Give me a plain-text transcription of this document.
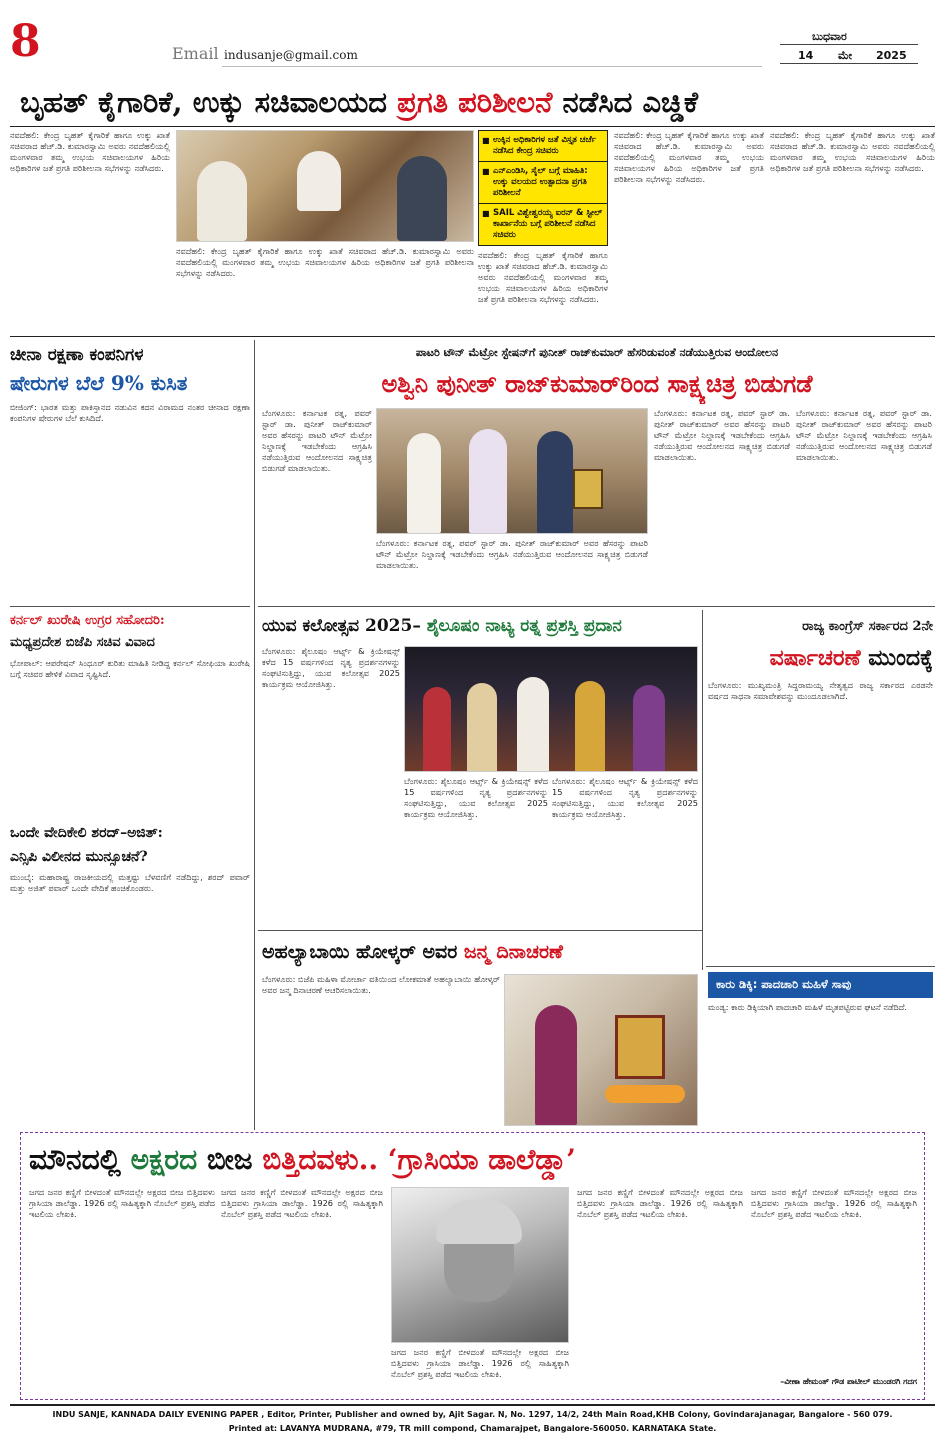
8	Email indusanje@gmail.com
ಬುಧವಾರ
14 ಮೇ 2025
ಬೃಹತ್ ಕೈಗಾರಿಕೆ, ಉಕ್ಕು ಸಚಿವಾಲಯದ ಪ್ರಗತಿ ಪರಿಶೀಲನೆ ನಡೆಸಿದ ಎಚ್ಡಿಕೆ
ನವದೆಹಲಿ: ಕೇಂದ್ರ ಬೃಹತ್ ಕೈಗಾರಿಕೆ ಹಾಗೂ ಉಕ್ಕು ಖಾತೆ ಸಚಿವರಾದ ಹೆಚ್.ಡಿ. ಕುಮಾರಸ್ವಾಮಿ ಅವರು ನವದೆಹಲಿಯಲ್ಲಿ ಮಂಗಳವಾರ ತಮ್ಮ ಉಭಯ ಸಚಿವಾಲಯಗಳ ಹಿರಿಯ ಅಧಿಕಾರಿಗಳ ಜತೆ ಪ್ರಗತಿ ಪರಿಶೀಲನಾ ಸಭೆಗಳನ್ನು ನಡೆಸಿದರು.
ನವದೆಹಲಿ: ಕೇಂದ್ರ ಬೃಹತ್ ಕೈಗಾರಿಕೆ ಹಾಗೂ ಉಕ್ಕು ಖಾತೆ ಸಚಿವರಾದ ಹೆಚ್.ಡಿ. ಕುಮಾರಸ್ವಾಮಿ ಅವರು ನವದೆಹಲಿಯಲ್ಲಿ ಮಂಗಳವಾರ ತಮ್ಮ ಉಭಯ ಸಚಿವಾಲಯಗಳ ಹಿರಿಯ ಅಧಿಕಾರಿಗಳ ಜತೆ ಪ್ರಗತಿ ಪರಿಶೀಲನಾ ಸಭೆಗಳನ್ನು ನಡೆಸಿದರು.
■ ಉಕ್ಕಿನ ಅಧಿಕಾರಿಗಳ ಜತೆ ವಿಸ್ತೃತ ಚರ್ಚೆ ನಡೆಸಿದ ಕೇಂದ್ರ ಸಚಿವರು
■ ಎನ್ಎಂಡಿಸಿ, ಸೈಲ್ ಬಗ್ಗೆ ಮಾಹಿತಿ: ಉಕ್ಕು ವಲಯದ ಉತ್ಪಾದನಾ ಪ್ರಗತಿ ಪರಿಶೀಲನೆ
■ SAIL ವಿಶ್ವೇಶ್ವರಯ್ಯ ಐರನ್ & ಸ್ಟೀಲ್ ಕಾರ್ಖಾನೆಯ ಬಗ್ಗೆ ಪರಿಶೀಲನೆ ನಡೆಸಿದ ಸಚಿವರು
ನವದೆಹಲಿ: ಕೇಂದ್ರ ಬೃಹತ್ ಕೈಗಾರಿಕೆ ಹಾಗೂ ಉಕ್ಕು ಖಾತೆ ಸಚಿವರಾದ ಹೆಚ್.ಡಿ. ಕುಮಾರಸ್ವಾಮಿ ಅವರು ನವದೆಹಲಿಯಲ್ಲಿ ಮಂಗಳವಾರ ತಮ್ಮ ಉಭಯ ಸಚಿವಾಲಯಗಳ ಹಿರಿಯ ಅಧಿಕಾರಿಗಳ ಜತೆ ಪ್ರಗತಿ ಪರಿಶೀಲನಾ ಸಭೆಗಳನ್ನು ನಡೆಸಿದರು.
ನವದೆಹಲಿ: ಕೇಂದ್ರ ಬೃಹತ್ ಕೈಗಾರಿಕೆ ಹಾಗೂ ಉಕ್ಕು ಖಾತೆ ಸಚಿವರಾದ ಹೆಚ್.ಡಿ. ಕುಮಾರಸ್ವಾಮಿ ಅವರು ನವದೆಹಲಿಯಲ್ಲಿ ಮಂಗಳವಾರ ತಮ್ಮ ಉಭಯ ಸಚಿವಾಲಯಗಳ ಹಿರಿಯ ಅಧಿಕಾರಿಗಳ ಜತೆ ಪ್ರಗತಿ ಪರಿಶೀಲನಾ ಸಭೆಗಳನ್ನು ನಡೆಸಿದರು.
ನವದೆಹಲಿ: ಕೇಂದ್ರ ಬೃಹತ್ ಕೈಗಾರಿಕೆ ಹಾಗೂ ಉಕ್ಕು ಖಾತೆ ಸಚಿವರಾದ ಹೆಚ್.ಡಿ. ಕುಮಾರಸ್ವಾಮಿ ಅವರು ನವದೆಹಲಿಯಲ್ಲಿ ಮಂಗಳವಾರ ತಮ್ಮ ಉಭಯ ಸಚಿವಾಲಯಗಳ ಹಿರಿಯ ಅಧಿಕಾರಿಗಳ ಜತೆ ಪ್ರಗತಿ ಪರಿಶೀಲನಾ ಸಭೆಗಳನ್ನು ನಡೆಸಿದರು.
ಚೀನಾ ರಕ್ಷಣಾ ಕಂಪನಿಗಳ
ಷೇರುಗಳ ಬೆಲೆ 9% ಕುಸಿತ
ಬೀಜಿಂಗ್: ಭಾರತ ಮತ್ತು ಪಾಕಿಸ್ತಾನದ ನಡುವಿನ ಕದನ ವಿರಾಮದ ನಂತರ ಚೀನಾದ ರಕ್ಷಣಾ ಕಂಪನಿಗಳ ಷೇರುಗಳ ಬೆಲೆ ಕುಸಿದಿದೆ.
ಕರ್ನಲ್ ಖುರೇಷಿ ಉಗ್ರರ ಸಹೋದರಿ:
ಮಧ್ಯಪ್ರದೇಶ ಬಿಜೆಪಿ ಸಚಿವ ವಿವಾದ
ಭೋಪಾಲ್: ಆಪರೇಷನ್ ಸಿಂಧೂರ್ ಕುರಿತು ಮಾಹಿತಿ ನೀಡಿದ್ದ ಕರ್ನಲ್ ಸೋಫಿಯಾ ಖುರೇಷಿ ಬಗ್ಗೆ ಸಚಿವರ ಹೇಳಿಕೆ ವಿವಾದ ಸೃಷ್ಟಿಸಿದೆ.
ಒಂದೇ ವೇದಿಕೇಲಿ ಶರದ್–ಅಜಿತ್:
ಎನ್ಸಿಪಿ ವಿಲೀನದ ಮುನ್ಸೂಚನೆ?
ಮುಂಬೈ: ಮಹಾರಾಷ್ಟ್ರ ರಾಜಕೀಯದಲ್ಲಿ ಮತ್ತಷ್ಟು ಬೆಳವಣಿಗೆ ನಡೆದಿದ್ದು, ಶರದ್ ಪವಾರ್ ಮತ್ತು ಅಜಿತ್ ಪವಾರ್ ಒಂದೇ ವೇದಿಕೆ ಹಂಚಿಕೊಂಡರು.
ಪಾಟರಿ ಟೌನ್ ಮೆಟ್ರೋ ಸ್ಟೇಷನ್‌ಗೆ ಪುನೀತ್ ರಾಜ್‌ಕುಮಾರ್ ಹೆಸರಿಡುವಂತೆ ನಡೆಯುತ್ತಿರುವ ಆಂದೋಲನ
ಅಶ್ವಿನಿ ಪುನೀತ್ ರಾಜ್‌ಕುಮಾರ್‌ರಿಂದ ಸಾಕ್ಷ್ಯಚಿತ್ರ ಬಿಡುಗಡೆ
ಬೆಂಗಳೂರು: ಕರ್ನಾಟಕ ರತ್ನ, ಪವರ್ ಸ್ಟಾರ್ ಡಾ. ಪುನೀತ್ ರಾಜ್‌ಕುಮಾರ್ ಅವರ ಹೆಸರನ್ನು ಪಾಟರಿ ಟೌನ್ ಮೆಟ್ರೋ ನಿಲ್ದಾಣಕ್ಕೆ ಇಡಬೇಕೆಂದು ಆಗ್ರಹಿಸಿ ನಡೆಯುತ್ತಿರುವ ಆಂದೋಲನದ ಸಾಕ್ಷ್ಯಚಿತ್ರ ಬಿಡುಗಡೆ ಮಾಡಲಾಯಿತು.
ಬೆಂಗಳೂರು: ಕರ್ನಾಟಕ ರತ್ನ, ಪವರ್ ಸ್ಟಾರ್ ಡಾ. ಪುನೀತ್ ರಾಜ್‌ಕುಮಾರ್ ಅವರ ಹೆಸರನ್ನು ಪಾಟರಿ ಟೌನ್ ಮೆಟ್ರೋ ನಿಲ್ದಾಣಕ್ಕೆ ಇಡಬೇಕೆಂದು ಆಗ್ರಹಿಸಿ ನಡೆಯುತ್ತಿರುವ ಆಂದೋಲನದ ಸಾಕ್ಷ್ಯಚಿತ್ರ ಬಿಡುಗಡೆ ಮಾಡಲಾಯಿತು.
ಬೆಂಗಳೂರು: ಕರ್ನಾಟಕ ರತ್ನ, ಪವರ್ ಸ್ಟಾರ್ ಡಾ. ಪುನೀತ್ ರಾಜ್‌ಕುಮಾರ್ ಅವರ ಹೆಸರನ್ನು ಪಾಟರಿ ಟೌನ್ ಮೆಟ್ರೋ ನಿಲ್ದಾಣಕ್ಕೆ ಇಡಬೇಕೆಂದು ಆಗ್ರಹಿಸಿ ನಡೆಯುತ್ತಿರುವ ಆಂದೋಲನದ ಸಾಕ್ಷ್ಯಚಿತ್ರ ಬಿಡುಗಡೆ ಮಾಡಲಾಯಿತು.
ಬೆಂಗಳೂರು: ಕರ್ನಾಟಕ ರತ್ನ, ಪವರ್ ಸ್ಟಾರ್ ಡಾ. ಪುನೀತ್ ರಾಜ್‌ಕುಮಾರ್ ಅವರ ಹೆಸರನ್ನು ಪಾಟರಿ ಟೌನ್ ಮೆಟ್ರೋ ನಿಲ್ದಾಣಕ್ಕೆ ಇಡಬೇಕೆಂದು ಆಗ್ರಹಿಸಿ ನಡೆಯುತ್ತಿರುವ ಆಂದೋಲನದ ಸಾಕ್ಷ್ಯಚಿತ್ರ ಬಿಡುಗಡೆ ಮಾಡಲಾಯಿತು.
ಯುವ ಕಲೋತ್ಸವ 2025– ಶೈಲೂಷಂ ನಾಟ್ಯ ರತ್ನ ಪ್ರಶಸ್ತಿ ಪ್ರದಾನ
ಬೆಂಗಳೂರು: ಶೈಲೂಷಂ ಆರ್ಟ್ಸ್ & ಕ್ರಿಯೇಷನ್ಸ್ ಕಳೆದ 15 ವರ್ಷಗಳಿಂದ ನೃತ್ಯ ಪ್ರದರ್ಶನಗಳನ್ನು ಸಂಘಟಿಸುತ್ತಿದ್ದು, ಯುವ ಕಲೋತ್ಸವ 2025 ಕಾರ್ಯಕ್ರಮ ಆಯೋಜಿಸಿತ್ತು.
ಬೆಂಗಳೂರು: ಶೈಲೂಷಂ ಆರ್ಟ್ಸ್ & ಕ್ರಿಯೇಷನ್ಸ್ ಕಳೆದ 15 ವರ್ಷಗಳಿಂದ ನೃತ್ಯ ಪ್ರದರ್ಶನಗಳನ್ನು ಸಂಘಟಿಸುತ್ತಿದ್ದು, ಯುವ ಕಲೋತ್ಸವ 2025 ಕಾರ್ಯಕ್ರಮ ಆಯೋಜಿಸಿತ್ತು.
ಬೆಂಗಳೂರು: ಶೈಲೂಷಂ ಆರ್ಟ್ಸ್ & ಕ್ರಿಯೇಷನ್ಸ್ ಕಳೆದ 15 ವರ್ಷಗಳಿಂದ ನೃತ್ಯ ಪ್ರದರ್ಶನಗಳನ್ನು ಸಂಘಟಿಸುತ್ತಿದ್ದು, ಯುವ ಕಲೋತ್ಸವ 2025 ಕಾರ್ಯಕ್ರಮ ಆಯೋಜಿಸಿತ್ತು.
ರಾಜ್ಯ ಕಾಂಗ್ರೆಸ್ ಸರ್ಕಾರದ 2ನೇ
ವರ್ಷಾಚರಣೆ ಮುಂದಕ್ಕೆ
ಬೆಂಗಳೂರು: ಮುಖ್ಯಮಂತ್ರಿ ಸಿದ್ದರಾಮಯ್ಯ ನೇತೃತ್ವದ ರಾಜ್ಯ ಸರ್ಕಾರದ ಎರಡನೇ ವರ್ಷದ ಸಾಧನಾ ಸಮಾವೇಶವನ್ನು ಮುಂದೂಡಲಾಗಿದೆ.
ಅಹಲ್ಯಾಬಾಯಿ ಹೋಳ್ಕರ್ ಅವರ ಜನ್ಮ ದಿನಾಚರಣೆ
ಬೆಂಗಳೂರು: ಬಿಜೆಪಿ ಮಹಿಳಾ ಮೋರ್ಚಾ ವತಿಯಿಂದ ಲೋಕಮಾತೆ ಅಹಲ್ಯಾಬಾಯಿ ಹೋಳ್ಕರ್ ಅವರ ಜನ್ಮ ದಿನಾಚರಣೆ ಆಚರಿಸಲಾಯಿತು.	ಕಾರು ಡಿಕ್ಕಿ: ಪಾದಚಾರಿ ಮಹಿಳೆ ಸಾವು
ಮಂಡ್ಯ: ಕಾರು ಡಿಕ್ಕಿಯಾಗಿ ಪಾದಚಾರಿ ಮಹಿಳೆ ಮೃತಪಟ್ಟಿರುವ ಘಟನೆ ನಡೆದಿದೆ.
ಮೌನದಲ್ಲಿ ಅಕ್ಷರದ ಬೀಜ ಬಿತ್ತಿದವಳು.. ‘ಗ್ರಾಸಿಯಾ ಡಾಲೆಡ್ಡಾ’
ಜಗದ ಜನರ ಕಣ್ಣಿಗೆ ಬೀಳದಂತೆ ಮೌನದಲ್ಲೇ ಅಕ್ಷರದ ಬೀಜ ಬಿತ್ತಿದವಳು ಗ್ರಾಸಿಯಾ ಡಾಲೆಡ್ಡಾ. 1926 ರಲ್ಲಿ ಸಾಹಿತ್ಯಕ್ಕಾಗಿ ನೊಬೆಲ್ ಪ್ರಶಸ್ತಿ ಪಡೆದ ಇಟಲಿಯ ಲೇಖಕಿ.
ಜಗದ ಜನರ ಕಣ್ಣಿಗೆ ಬೀಳದಂತೆ ಮೌನದಲ್ಲೇ ಅಕ್ಷರದ ಬೀಜ ಬಿತ್ತಿದವಳು ಗ್ರಾಸಿಯಾ ಡಾಲೆಡ್ಡಾ. 1926 ರಲ್ಲಿ ಸಾಹಿತ್ಯಕ್ಕಾಗಿ ನೊಬೆಲ್ ಪ್ರಶಸ್ತಿ ಪಡೆದ ಇಟಲಿಯ ಲೇಖಕಿ.
ಜಗದ ಜನರ ಕಣ್ಣಿಗೆ ಬೀಳದಂತೆ ಮೌನದಲ್ಲೇ ಅಕ್ಷರದ ಬೀಜ ಬಿತ್ತಿದವಳು ಗ್ರಾಸಿಯಾ ಡಾಲೆಡ್ಡಾ. 1926 ರಲ್ಲಿ ಸಾಹಿತ್ಯಕ್ಕಾಗಿ ನೊಬೆಲ್ ಪ್ರಶಸ್ತಿ ಪಡೆದ ಇಟಲಿಯ ಲೇಖಕಿ.
ಜಗದ ಜನರ ಕಣ್ಣಿಗೆ ಬೀಳದಂತೆ ಮೌನದಲ್ಲೇ ಅಕ್ಷರದ ಬೀಜ ಬಿತ್ತಿದವಳು ಗ್ರಾಸಿಯಾ ಡಾಲೆಡ್ಡಾ. 1926 ರಲ್ಲಿ ಸಾಹಿತ್ಯಕ್ಕಾಗಿ ನೊಬೆಲ್ ಪ್ರಶಸ್ತಿ ಪಡೆದ ಇಟಲಿಯ ಲೇಖಕಿ.
ಜಗದ ಜನರ ಕಣ್ಣಿಗೆ ಬೀಳದಂತೆ ಮೌನದಲ್ಲೇ ಅಕ್ಷರದ ಬೀಜ ಬಿತ್ತಿದವಳು ಗ್ರಾಸಿಯಾ ಡಾಲೆಡ್ಡಾ. 1926 ರಲ್ಲಿ ಸಾಹಿತ್ಯಕ್ಕಾಗಿ ನೊಬೆಲ್ ಪ್ರಶಸ್ತಿ ಪಡೆದ ಇಟಲಿಯ ಲೇಖಕಿ.
–ವೀಣಾ ಹೇಮಂತ್ ಗೌಡ ಪಾಟೀಲ್ ಮುಂಡರಗಿ ಗದಗ
INDU SANJE, KANNADA DAILY EVENING PAPER , Editor, Printer, Publisher and owned by, Ajit Sagar. N, No. 1297, 14/2, 24th Main Road,KHB Colony, Govindarajanagar, Bangalore - 560 079.
Printed at: LAVANYA MUDRANA, #79, TR mill compond, Chamarajpet, Bangalore-560050. KARNATAKA State.
